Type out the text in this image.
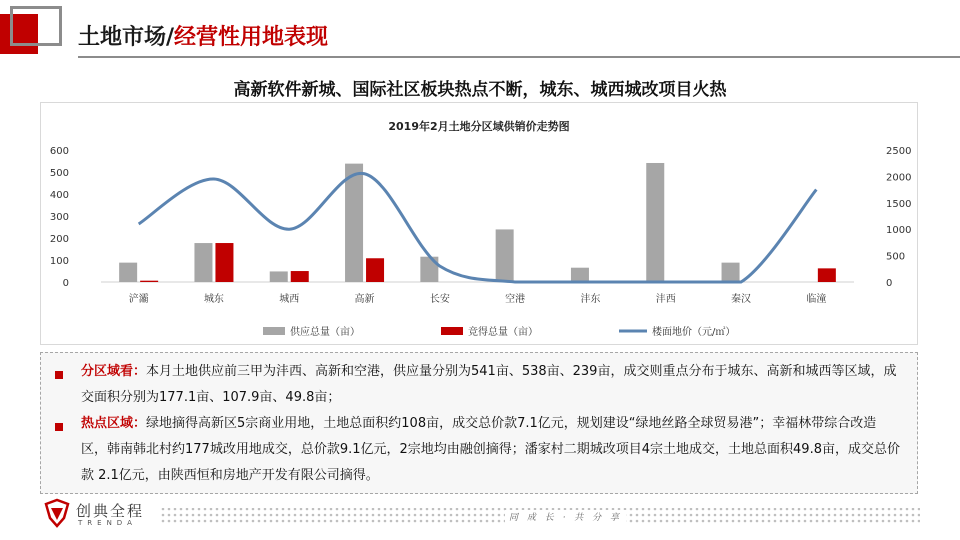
土地市场/经营性用地表现
高新软件新城、国际社区板块热点不断，城东、城西城改项目火热
2019年2月土地分区域供销价走势图
0
100
200
300
400
500
600
0
500
1000
1500
2000
2500
浐灞	城东	城西	高新	长安	空港	沣东	沣西	秦汉	临潼
供应总量（亩）	竞得总量（亩）	楼面地价（元/㎡）
分区域看：本月土地供应前三甲为沣西、高新和空港，供应量分别为541亩、538亩、239亩，成交则重点分布于城东、高新和城西等区域，成交面积分别为177.1亩、107.9亩、49.8亩；
热点区域：绿地摘得高新区5宗商业用地，土地总面积约108亩，成交总价款7.1亿元，规划建设“绿地丝路全球贸易港”；幸福林带综合改造区，韩南韩北村约177城改用地成交，总价款9.1亿元，2宗地均由融创摘得；潘家村二期城改项目4宗土地成交，土地总面积49.8亩，成交总价款 2.1亿元，由陕西恒和房地产开发有限公司摘得。
创典全程
TRENDA	同 成 长 · 共 分 享
